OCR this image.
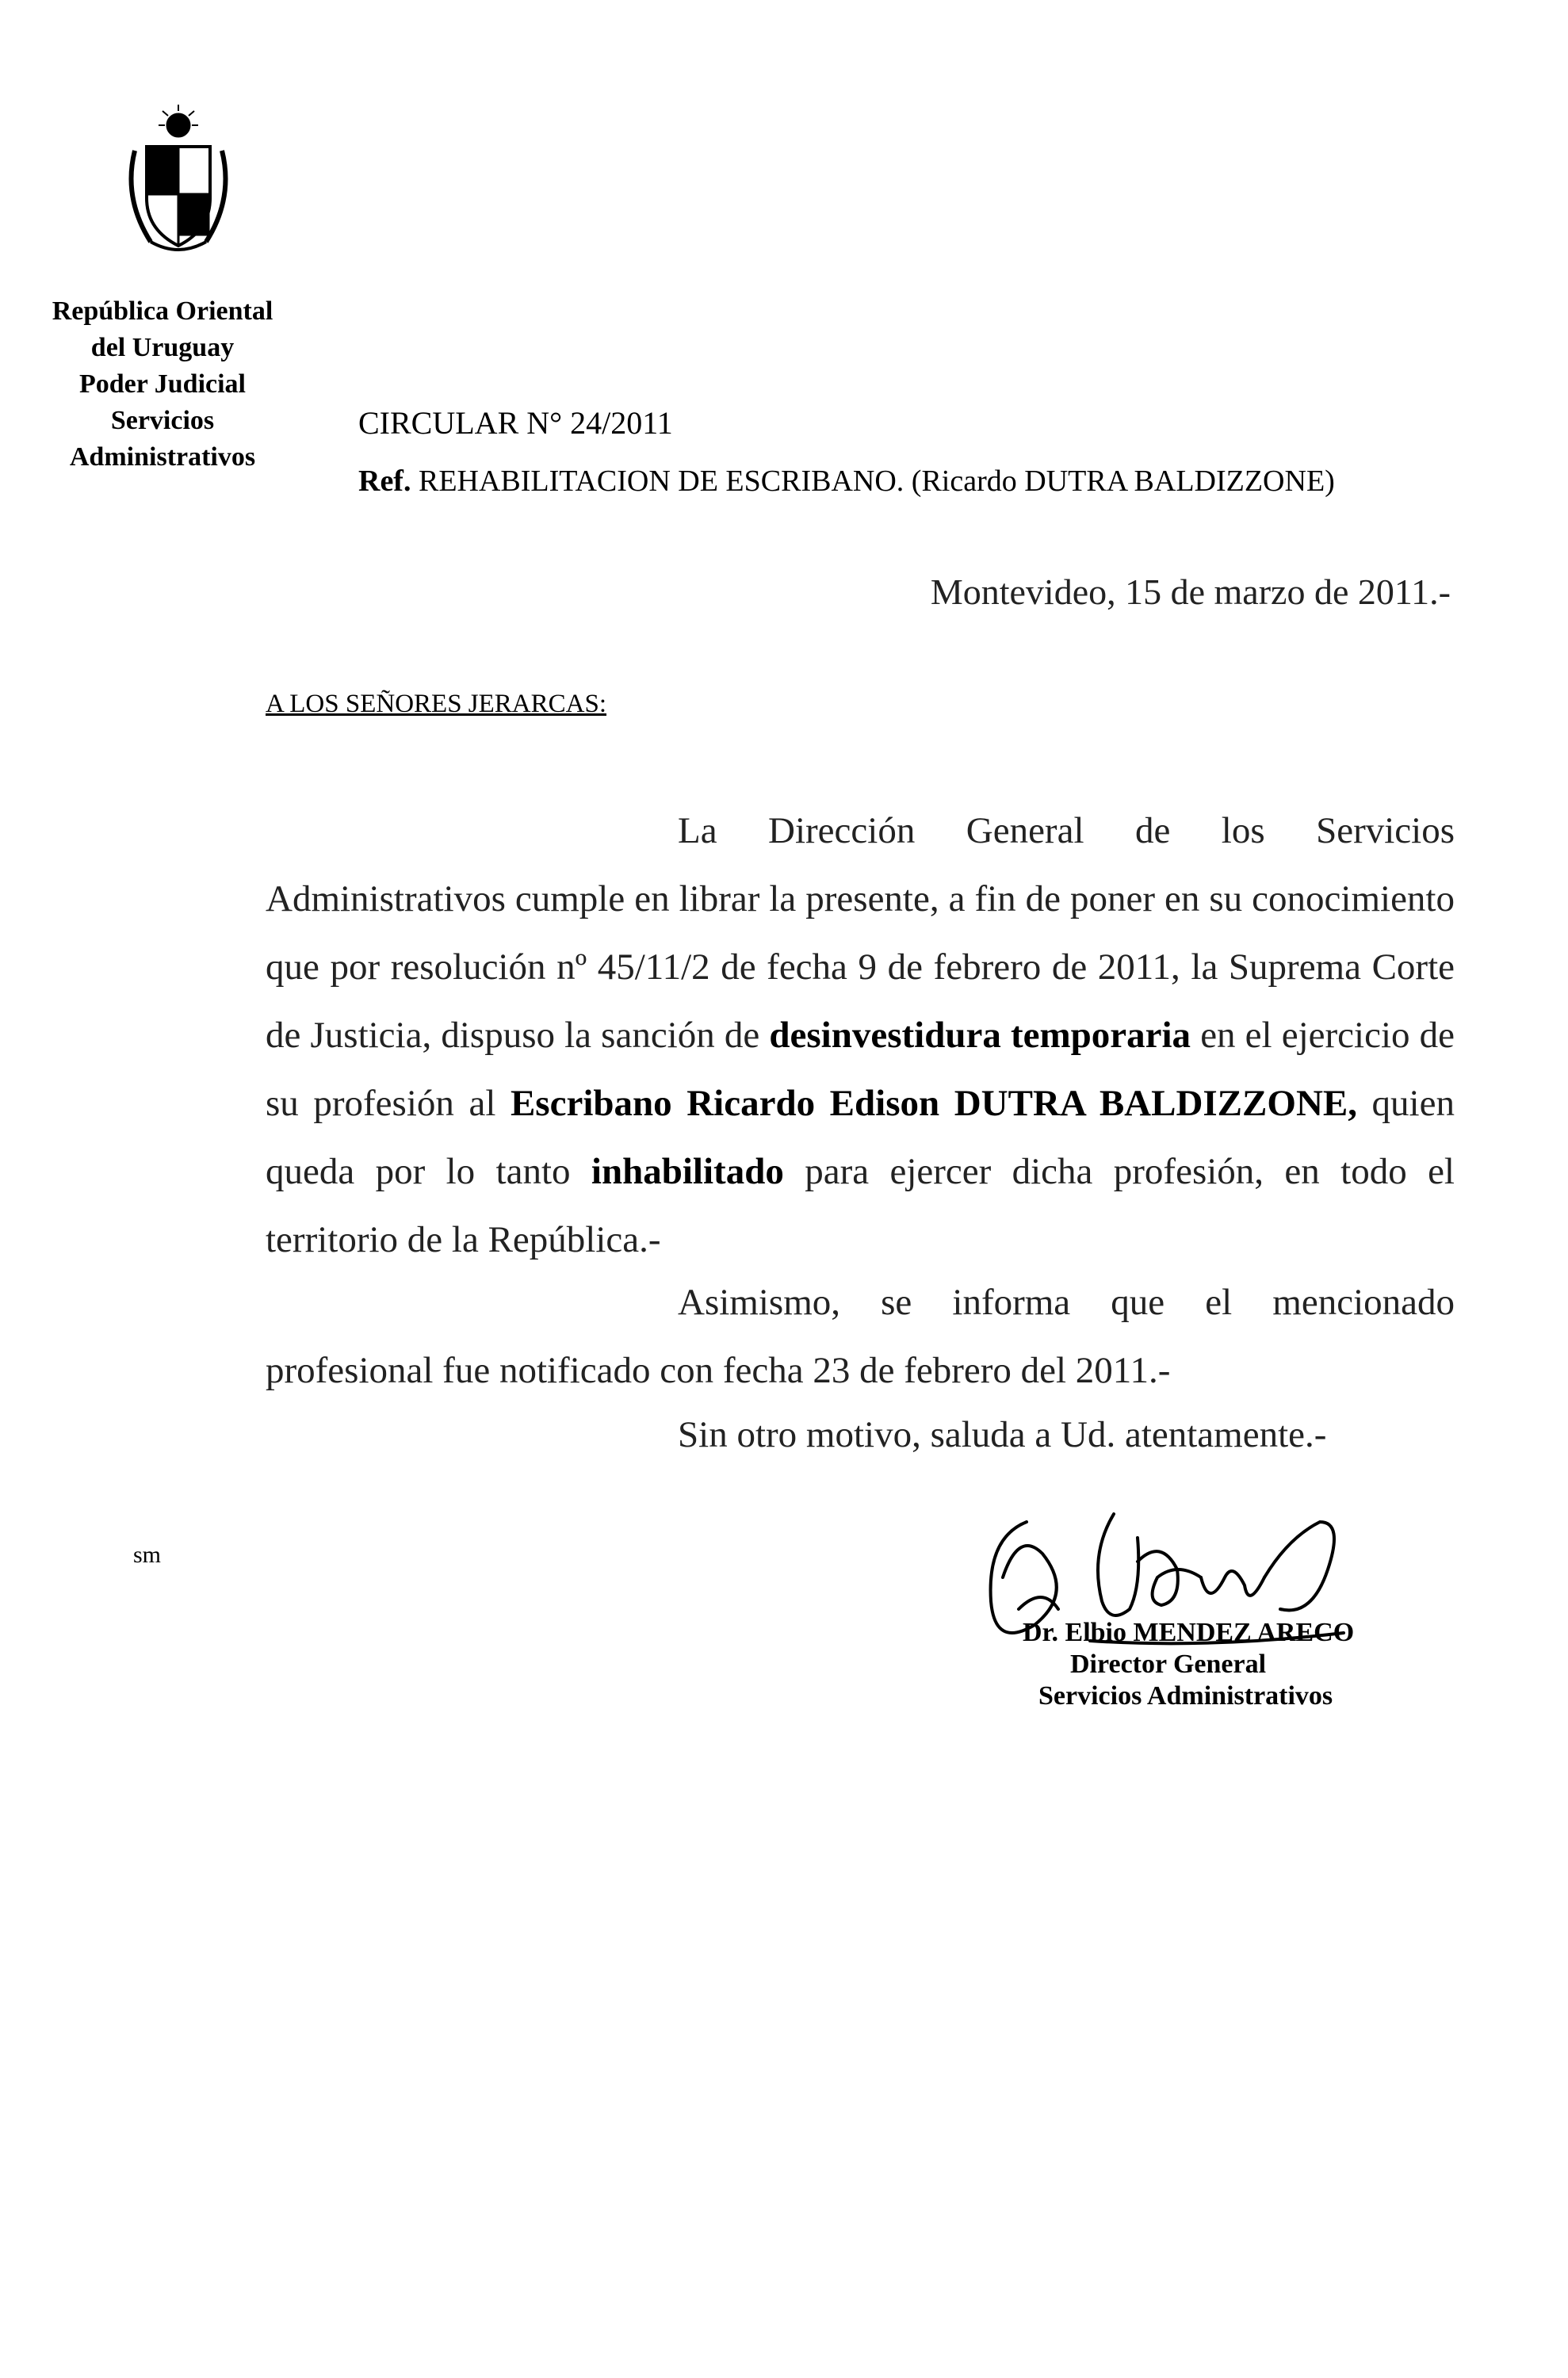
República Oriental
del Uruguay
Poder Judicial
Servicios
Administrativos
CIRCULAR N° 24/2011
Ref. REHABILITACION DE ESCRIBANO. (Ricardo DUTRA BALDIZZONE)
Montevideo, 15 de marzo de 2011.-
A LOS SEÑORES JERARCAS:

La Dirección General de los Servicios Administrativos cumple en librar la presente, a fin de poner en su conocimiento que por resolución nº 45/11/2 de fecha 9 de febrero de 2011, la Suprema Corte de Justicia, dispuso la sanción de desinvestidura temporaria en el ejercicio de su profesión al Escribano Ricardo Edison DUTRA BALDIZZONE, quien queda por lo tanto inhabilitado para ejercer dicha profesión, en todo el territorio de la República.-

Asimismo, se informa que el mencionado profesional fue notificado con fecha 23 de febrero del 2011.-

Sin otro motivo, saluda a Ud. atentamente.-

sm
Dr. Elbio MENDEZ ARECO
Director General
Servicios Administrativos
